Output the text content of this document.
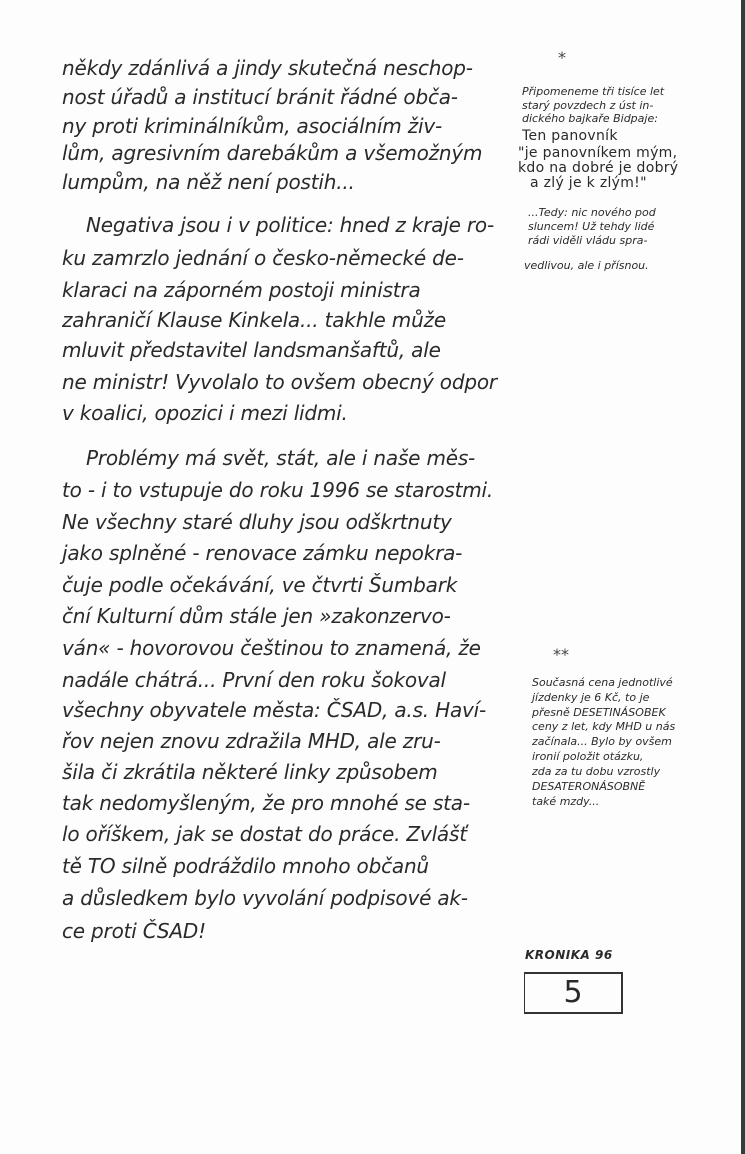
někdy zdánlivá a jindy skutečná neschop-
nost úřadů a institucí bránit řádné obča-
ny proti kriminálníkům, asociálním živ-
lům, agresivním darebákům a všemožným
lumpům, na něž není postih...
Negativa jsou i v politice: hned z kraje ro-
ku zamrzlo jednání o česko-německé de-
klaraci na záporném postoji ministra
zahraničí Klause Kinkela... takhle může
mluvit představitel landsmanšaftů, ale
ne ministr! Vyvolalo to ovšem obecný odpor
v koalici, opozici i mezi lidmi.
Problémy má svět, stát, ale i naše měs-
to - i to vstupuje do roku 1996 se starostmi.
Ne všechny staré dluhy jsou odškrtnuty
jako splněné - renovace zámku nepokra-
čuje podle očekávání, ve čtvrti Šumbark
ční Kulturní dům stále jen »zakonzervo-
ván« - hovorovou češtinou to znamená, že
nadále chátrá... První den roku šokoval
všechny obyvatele města: ČSAD, a.s. Haví-
řov nejen znovu zdražila MHD, ale zru-
šila či zkrátila některé linky způsobem
tak nedomyšleným, že pro mnohé se sta-
lo oříškem, jak se dostat do práce. Zvlášť
tě TO silně podráždilo mnoho občanů
a důsledkem bylo vyvolání podpisové ak-
ce proti ČSAD!
*
Připomeneme tři tisíce let
starý povzdech z úst in-
dického bajkaře Bidpaje:
Ten panovník
"je panovníkem mým,
kdo na dobré je dobrý
a zlý je k zlým!"
...Tedy: nic nového pod
sluncem! Už tehdy lidé
rádi viděli vládu spra-
vedlivou, ale i přísnou.
**
Současná cena jednotlivé
jízdenky je 6 Kč, to je
přesně DESETINÁSOBEK
ceny z let, kdy MHD u nás
začínala... Bylo by ovšem
ironií položit otázku,
zda za tu dobu vzrostly
DESATERONÁSOBNĚ
také mzdy...
KRONIKA 96
5
